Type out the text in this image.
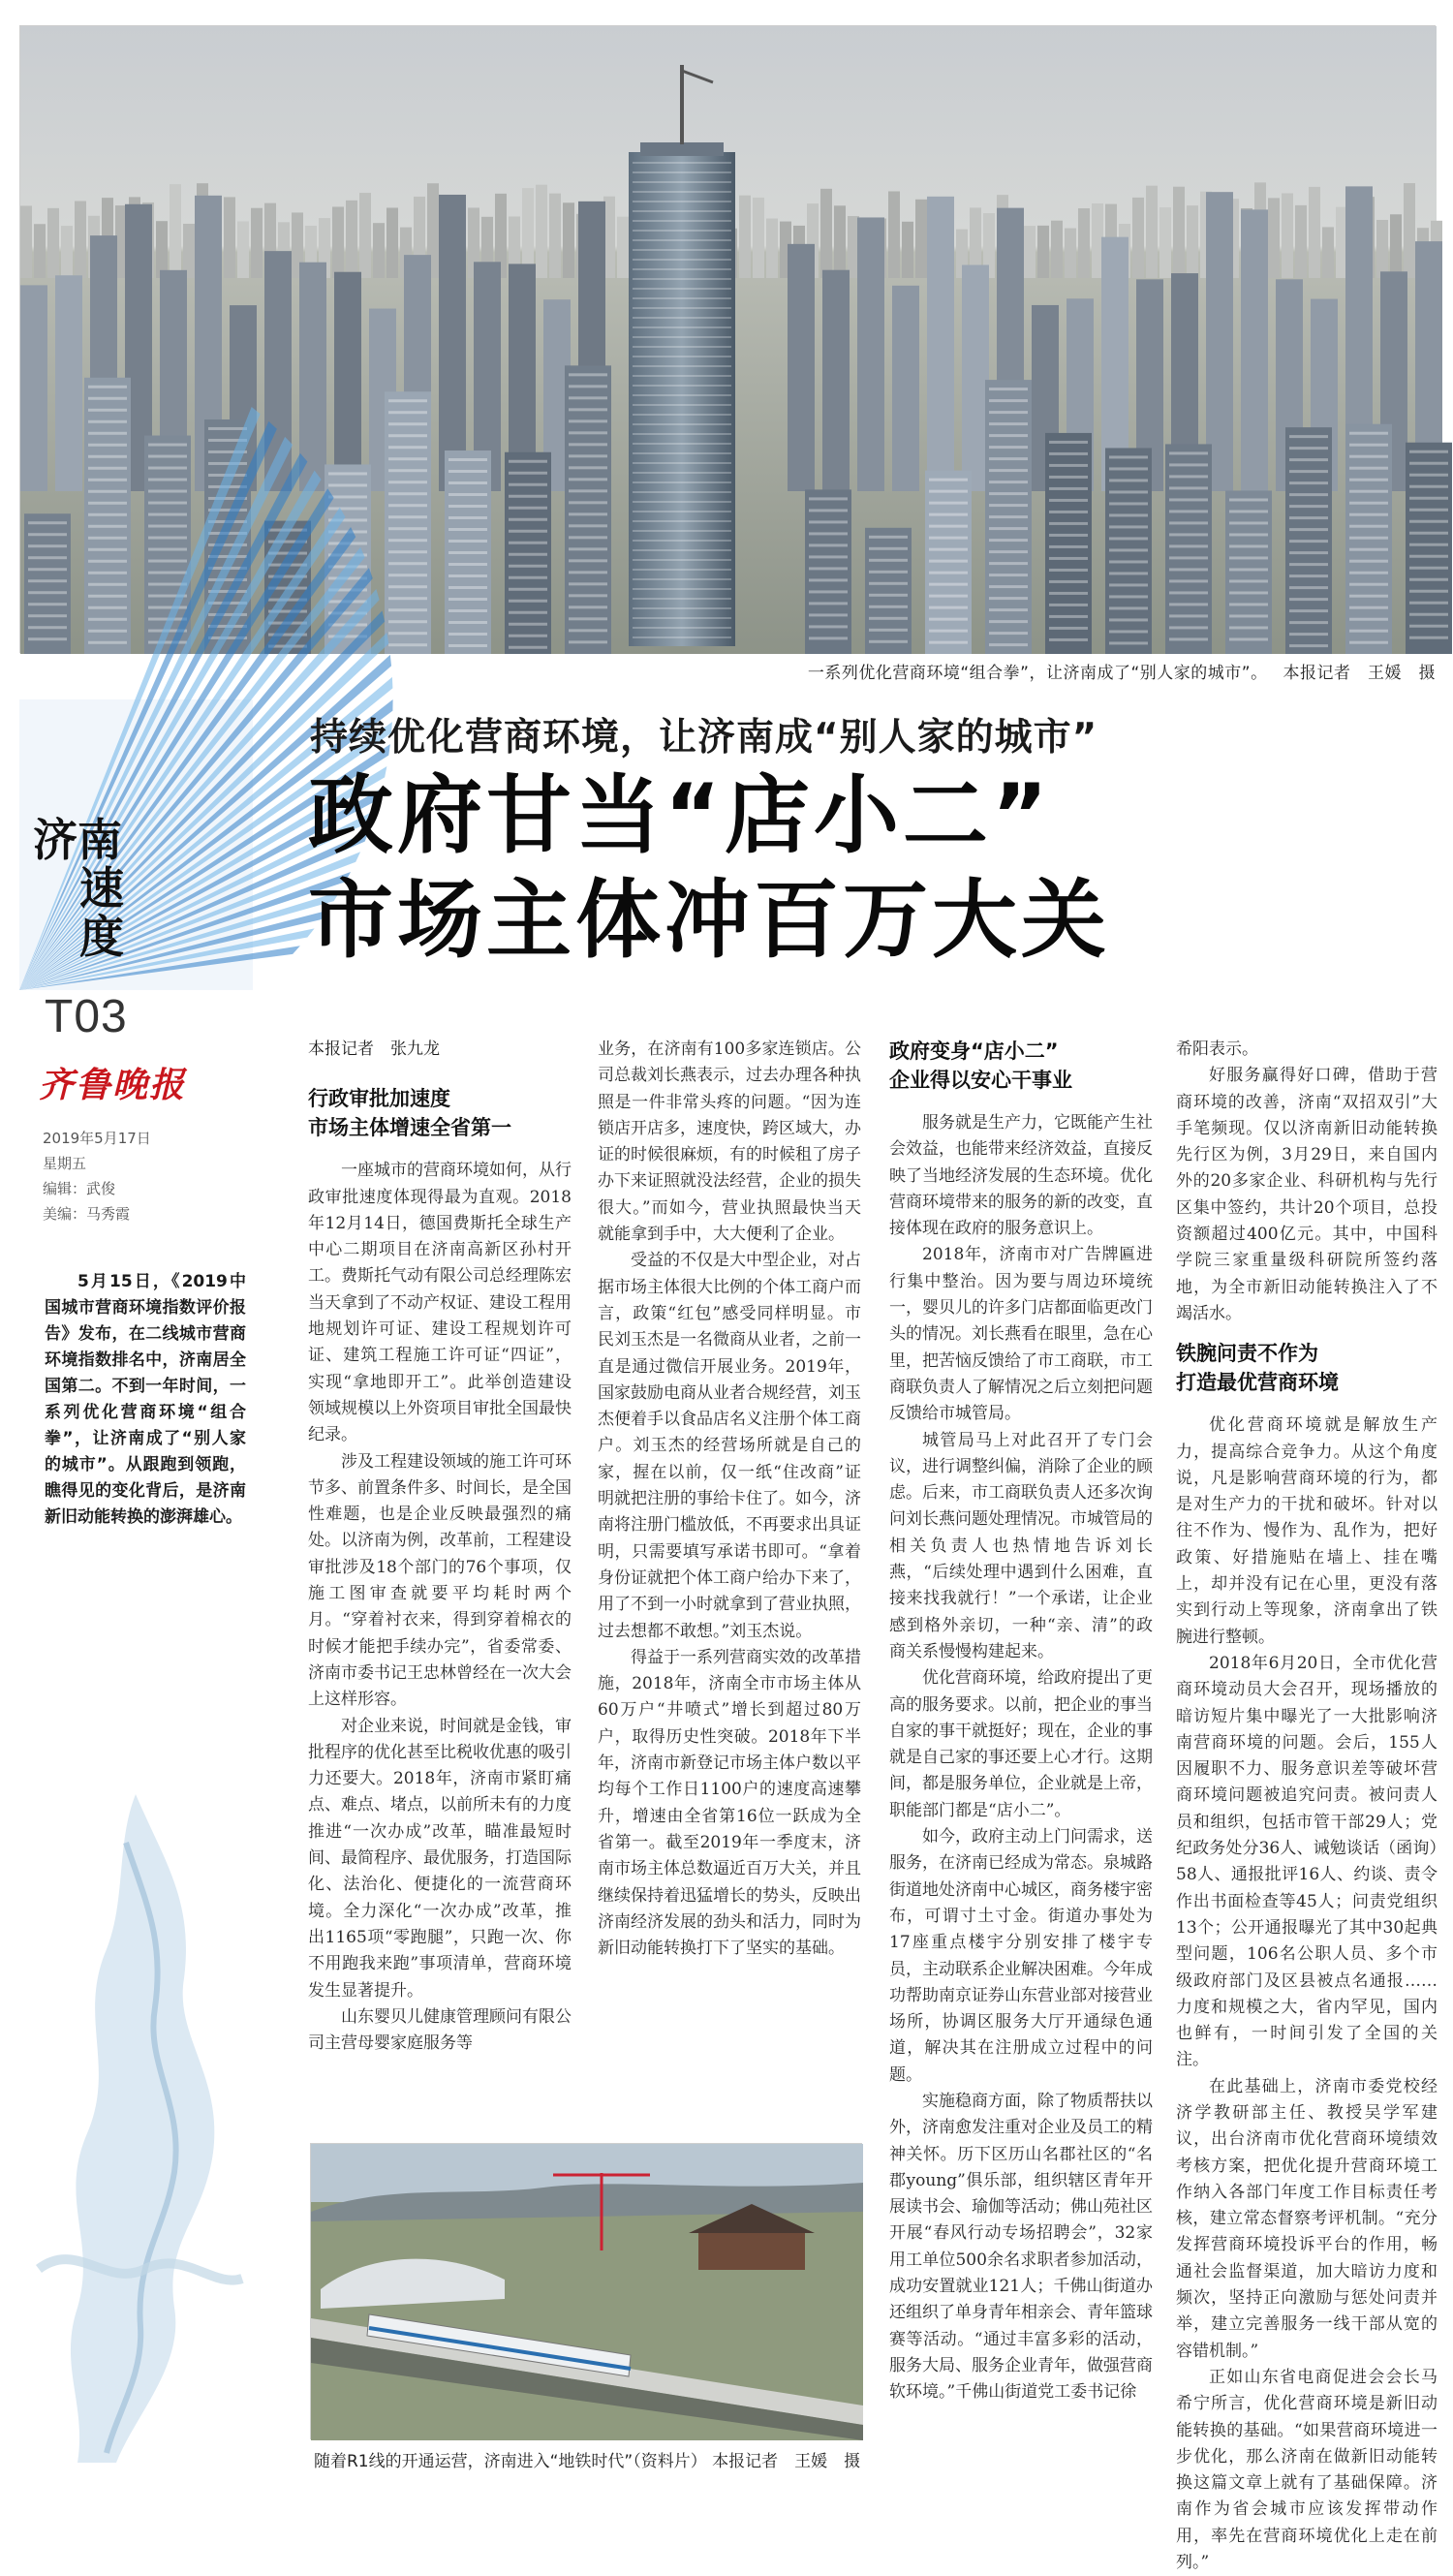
一系列优化营商环境“组合拳”，让济南成了“别人家的城市”。 本报记者　王媛　摄
济南
速度
T03
齐鲁晚报
2019年5月17日
星期五
编辑：武俊
美编：马秀霞
5月15日，《2019中国城市营商环境指数评价报告》发布，在二线城市营商环境指数排名中，济南居全国第二。不到一年时间，一系列优化营商环境“组合拳”，让济南成了“别人家的城市”。从跟跑到领跑，瞧得见的变化背后，是济南新旧动能转换的澎湃雄心。
持续优化营商环境，让济南成“别人家的城市”
政府甘当“店小二”
市场主体冲百万大关
本报记者　张九龙
行政审批加速度
市场主体增速全省第一

一座城市的营商环境如何，从行政审批速度体现得最为直观。2018年12月14日，德国费斯托全球生产中心二期项目在济南高新区孙村开工。费斯托气动有限公司总经理陈宏当天拿到了不动产权证、建设工程用地规划许可证、建设工程规划许可证、建筑工程施工许可证“四证”，实现“拿地即开工”。此举创造建设领域规模以上外资项目审批全国最快纪录。

涉及工程建设领域的施工许可环节多、前置条件多、时间长，是全国性难题，也是企业反映最强烈的痛处。以济南为例，改革前，工程建设审批涉及18个部门的76个事项，仅施工图审查就要平均耗时两个月。“穿着衬衣来，得到穿着棉衣的时候才能把手续办完”，省委常委、济南市委书记王忠林曾经在一次大会上这样形容。

对企业来说，时间就是金钱，审批程序的优化甚至比税收优惠的吸引力还要大。2018年，济南市紧盯痛点、难点、堵点，以前所未有的力度推进“一次办成”改革，瞄准最短时间、最简程序、最优服务，打造国际化、法治化、便捷化的一流营商环境。全力深化“一次办成”改革，推出1165项“零跑腿”，只跑一次、你不用跑我来跑”事项清单，营商环境发生显著提升。

山东婴贝儿健康管理顾问有限公司主营母婴家庭服务等

业务，在济南有100多家连锁店。公司总裁刘长燕表示，过去办理各种执照是一件非常头疼的问题。“因为连锁店开店多，速度快，跨区域大，办证的时候很麻烦，有的时候租了房子办下来证照就没法经营，企业的损失很大。”而如今，营业执照最快当天就能拿到手中，大大便利了企业。

受益的不仅是大中型企业，对占据市场主体很大比例的个体工商户而言，政策“红包”感受同样明显。市民刘玉杰是一名微商从业者，之前一直是通过微信开展业务。2019年，国家鼓励电商从业者合规经营，刘玉杰便着手以食品店名义注册个体工商户。刘玉杰的经营场所就是自己的家，握在以前，仅一纸“住改商”证明就把注册的事给卡住了。如今，济南将注册门槛放低，不再要求出具证明，只需要填写承诺书即可。“拿着身份证就把个体工商户给办下来了，用了不到一小时就拿到了营业执照，过去想都不敢想。”刘玉杰说。

得益于一系列营商实效的改革措施，2018年，济南全市市场主体从60万户“井喷式”增长到超过80万户，取得历史性突破。2018年下半年，济南市新登记市场主体户数以平均每个工作日1100户的速度高速攀升，增速由全省第16位一跃成为全省第一。截至2019年一季度末，济南市场主体总数逼近百万大关，并且继续保持着迅猛增长的势头，反映出济南经济发展的劲头和活力，同时为新旧动能转换打下了坚实的基础。

政府变身“店小二”
企业得以安心干事业

服务就是生产力，它既能产生社会效益，也能带来经济效益，直接反映了当地经济发展的生态环境。优化营商环境带来的服务的新的改变，直接体现在政府的服务意识上。

2018年，济南市对广告牌匾进行集中整治。因为要与周边环境统一，婴贝儿的许多门店都面临更改门头的情况。刘长燕看在眼里，急在心里，把苦恼反馈给了市工商联，市工商联负责人了解情况之后立刻把问题反馈给市城管局。

城管局马上对此召开了专门会议，进行调整纠偏，消除了企业的顾虑。后来，市工商联负责人还多次询问刘长燕问题处理情况。市城管局的相关负责人也热情地告诉刘长燕，“后续处理中遇到什么困难，直接来找我就行！”一个承诺，让企业感到格外亲切，一种“亲、清”的政商关系慢慢构建起来。

优化营商环境，给政府提出了更高的服务要求。以前，把企业的事当自家的事干就挺好；现在，企业的事就是自己家的事还要上心才行。这期间，都是服务单位，企业就是上帝，职能部门都是“店小二”。

如今，政府主动上门问需求，送服务，在济南已经成为常态。泉城路街道地处济南中心城区，商务楼宇密布，可谓寸土寸金。街道办事处为17座重点楼宇分别安排了楼宇专员，主动联系企业解决困难。今年成功帮助南京证券山东营业部对接营业场所，协调区服务大厅开通绿色通道，解决其在注册成立过程中的问题。

实施稳商方面，除了物质帮扶以外，济南愈发注重对企业及员工的精神关怀。历下区历山名郡社区的“名郡young”俱乐部，组织辖区青年开展读书会、瑜伽等活动；佛山苑社区开展“春风行动专场招聘会”，32家用工单位500余名求职者参加活动，成功安置就业121人；千佛山街道办还组织了单身青年相亲会、青年篮球赛等活动。“通过丰富多彩的活动，服务大局、服务企业青年，做强营商软环境。”千佛山街道党工委书记徐

希阳表示。

好服务赢得好口碑，借助于营商环境的改善，济南“双招双引”大手笔频现。仅以济南新旧动能转换先行区为例，3月29日，来自国内外的20多家企业、科研机构与先行区集中签约，共计20个项目，总投资额超过400亿元。其中，中国科学院三家重量级科研院所签约落地，为全市新旧动能转换注入了不竭活水。

铁腕问责不作为
打造最优营商环境

优化营商环境就是解放生产力，提高综合竞争力。从这个角度说，凡是影响营商环境的行为，都是对生产力的干扰和破坏。针对以往不作为、慢作为、乱作为，把好政策、好措施贴在墙上、挂在嘴上，却并没有记在心里，更没有落实到行动上等现象，济南拿出了铁腕进行整顿。

2018年6月20日，全市优化营商环境动员大会召开，现场播放的暗访短片集中曝光了一大批影响济南营商环境的问题。会后，155人因履职不力、服务意识差等破坏营商环境问题被追究问责。被问责人员和组织，包括市管干部29人；党纪政务处分36人、诫勉谈话（函询）58人、通报批评16人、约谈、责令作出书面检查等45人；问责党组织13个；公开通报曝光了其中30起典型问题，106名公职人员、多个市级政府部门及区县被点名通报……力度和规模之大，省内罕见，国内也鲜有，一时间引发了全国的关注。

在此基础上，济南市委党校经济学教研部主任、教授吴学军建议，出台济南市优化营商环境绩效考核方案，把优化提升营商环境工作纳入各部门年度工作目标责任考核，建立常态督察考评机制。“充分发挥营商环境投诉平台的作用，畅通社会监督渠道，加大暗访力度和频次，坚持正向激励与惩处问责并举，建立完善服务一线干部从宽的容错机制。”

正如山东省电商促进会会长马希宁所言，优化营商环境是新旧动能转换的基础。“如果营商环境进一步优化，那么济南在做新旧动能转换这篇文章上就有了基础保障。济南作为省会城市应该发挥带动作用，率先在营商环境优化上走在前列。”

随着R1线的开通运营，济南进入“地铁时代”（资料片） 本报记者　王媛　摄
